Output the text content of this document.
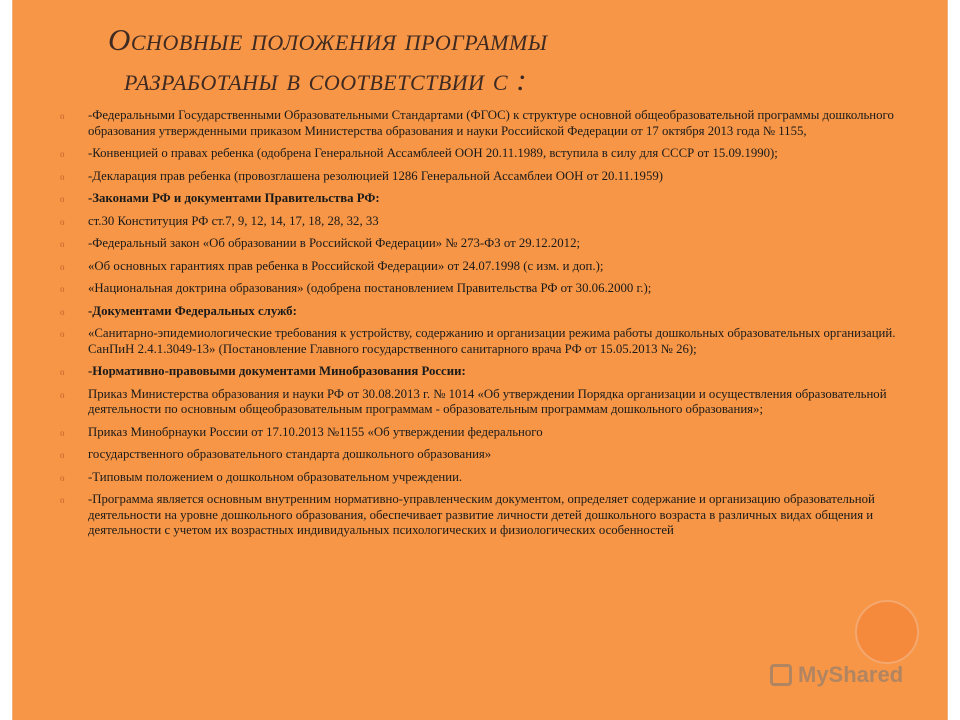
Основные положения программы
разработаны в соответствии с :
o -Федеральными Государственными Образовательными Стандартами (ФГОС) к структуре основной общеобразовательной программы дошкольного образования утвержденными приказом Министерства образования и науки Российской Федерации от 17 октября 2013 года № 1155,
o -Конвенцией о правах ребенка (одобрена Генеральной Ассамблеей ООН 20.11.1989, вступила в силу для СССР от 15.09.1990);
o -Декларация прав ребенка (провозглашена резолюцией 1286 Генеральной Ассамблеи ООН от 20.11.1959)
o -Законами РФ и документами Правительства РФ:
o ст.30 Конституция РФ ст.7, 9, 12, 14, 17, 18, 28, 32, 33
o -Федеральный закон «Об образовании в Российской Федерации» № 273-ФЗ от 29.12.2012;
o «Об основных гарантиях прав ребенка в Российской Федерации» от 24.07.1998 (с изм. и доп.);
o «Национальная доктрина образования» (одобрена постановлением Правительства РФ от 30.06.2000 г.);
o -Документами Федеральных служб:
o «Санитарно-эпидемиологические требования к устройству, содержанию и организации режима работы дошкольных образовательных организаций. СанПиН 2.4.1.3049-13» (Постановление Главного государственного санитарного врача РФ от 15.05.2013 № 26);
o -Нормативно-правовыми документами Минобразования России:
o Приказ Министерства образования и науки РФ от 30.08.2013 г. № 1014 «Об утверждении Порядка организации и осуществления образовательной деятельности по основным общеобразовательным программам - образовательным программам дошкольного образования»;
o Приказ Минобрнауки России от 17.10.2013 №1155 «Об утверждении федерального
o государственного образовательного стандарта дошкольного образования»
o -Типовым положением о дошкольном образовательном учреждении.
o -Программа является основным внутренним нормативно-управленческим документом, определяет содержание и организацию образовательной деятельности на уровне дошкольного образования, обеспечивает развитие личности детей дошкольного возраста в различных видах общения и деятельности с учетом их возрастных индивидуальных психологических и физиологических особенностей
MyShared
